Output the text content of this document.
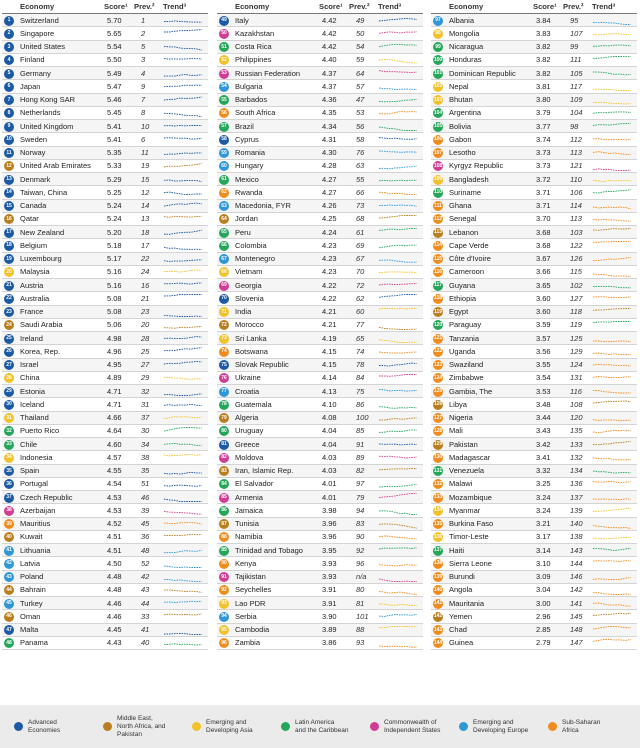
Economy	Score¹ Prev.² Trend³
1	Switzerland	5.70	1
2	Singapore	5.65	2
3	United States	5.54	5
4	Finland	5.50	3
5	Germany	5.49	4
6	Japan	5.47	9
7	Hong Kong SAR	5.46	7
8	Netherlands	5.45	8
9	United Kingdom	5.41	10
10 Sweden	5.41	6
11	Norway	5.35	11
12 United Arab Emirates 5.33	19
13 Denmark	5.29	15
14 Taiwan, China	5.25	12
15 Canada	5.24	14
16 Qatar	5.24	13
17 New Zealand	5.20	18
18 Belgium	5.18	17
19 Luxembourg	5.17	22
20 Malaysia	5.16	24
21 Austria	5.16	16
22 Australia	5.08	21
23 France	5.08	23
24 Saudi Arabia	5.06	20
25 Ireland	4.98	28
26 Korea, Rep.	4.96	25
27 Israel	4.95	27
28 China	4.89	29
29 Estonia	4.71	32
30 Iceland	4.71	31
31 Thailand	4.66	37
32 Puerto Rico	4.64	30
33 Chile	4.60	34
34 Indonesia	4.57	38
35 Spain	4.55	35
36 Portugal	4.54	51
37 Czech Republic	4.53	46
38 Azerbaijan	4.53	39
39 Mauritius	4.52	45
40 Kuwait	4.51	36
41 Lithuania	4.51	48
42 Latvia	4.50	52
43 Poland	4.48	42
44 Bahrain	4.48	43
45 Turkey	4.46	44
46 Oman	4.46	33
47 Malta	4.45	41
48 Panama	4.43	40
Economy	Score¹ Prev.² Trend³
49 Italy	4.42	49
50 Kazakhstan	4.42	50
51 Costa Rica	4.42	54
52 Philippines	4.40	59
53 Russian Federation	4.37	64
54 Bulgaria	4.37	57
55 Barbados	4.36	47
56 South Africa	4.35	53
57 Brazil	4.34	56
58 Cyprus	4.31	58
59 Romania	4.30	76
60 Hungary	4.28	63
61 Mexico	4.27	55
62 Rwanda	4.27	66
63 Macedonia, FYR	4.26	73
64 Jordan	4.25	68
65 Peru	4.24	61
66 Colombia	4.23	69
67 Montenegro	4.23	67
68 Vietnam	4.23	70
69 Georgia	4.22	72
70 Slovenia	4.22	62
71 India	4.21	60
72 Morocco	4.21	77
73 Sri Lanka	4.19	65
74 Botswana	4.15	74
75 Slovak Republic	4.15	78
76 Ukraine	4.14	84
77 Croatia	4.13	75
78 Guatemala	4.10	86
79 Algeria	4.08	100
80 Uruguay	4.04	85
81 Greece	4.04	91
82 Moldova	4.03	89
83 Iran, Islamic Rep.	4.03	82
84 El Salvador	4.01	97
85 Armenia	4.01	79
86 Jamaica	3.98	94
87 Tunisia	3.96	83
88 Namibia	3.96	90
89 Trinidad and Tobago	3.95	92
90 Kenya	3.93	96
91 Tajikistan	3.93	n/a
92 Seychelles	3.91	80
93 Lao PDR	3.91	81
94 Serbia	3.90	101
95 Cambodia	3.89	88
96 Zambia	3.86	93
Economy	Score¹ Prev.² Trend³
97 Albania	3.84	95
98 Mongolia	3.83	107
99 Nicaragua	3.82	99
100 Honduras	3.82	111
101 Dominican Republic	3.82	105
102 Nepal	3.81	117
103 Bhutan	3.80	109
104 Argentina	3.79	104
105 Bolivia	3.77	98
106 Gabon	3.74	112
107 Lesotho	3.73	113
108 Kyrgyz Republic	3.73	121
109 Bangladesh	3.72	110
110 Suriname	3.71	106
111 Ghana	3.71	114
112 Senegal	3.70	113
113 Lebanon	3.68	103
114 Cape Verde	3.68	122
115 Côte d'Ivoire	3.67	126
116 Cameroon	3.66	115
117 Guyana	3.65	102
118 Ethiopia	3.60	127
119 Egypt	3.60	118
120 Paraguay	3.59	119
121 Tanzania	3.57	125
122 Uganda	3.56	129
123 Swaziland	3.55	124
124 Zimbabwe	3.54	131
125 Gambia, The	3.53	116
126 Libya	3.48	108
127 Nigeria	3.44	120
128 Mali	3.43	135
129 Pakistan	3.42	133
130 Madagascar	3.41	132
131 Venezuela	3.32	134
132 Malawi	3.25	136
133 Mozambique	3.24	137
134 Myanmar	3.24	139
135 Burkina Faso	3.21	140
136 Timor-Leste	3.17	138
137 Haiti	3.14	143
138 Sierra Leone	3.10	144
139 Burundi	3.09	146
140 Angola	3.04	142
141 Mauritania	3.00	141
142 Yemen	2.96	145
143 Chad	2.85	148
144 Guinea	2.79	147
Advanced
Economies
Middle East,
North Africa, and Pakistan
Emerging and
Developing Asia
Latin America
and the Caribbean
Commonwealth of
Independent States
Emerging and
Developing Europe
Sub-Saharan
Africa
